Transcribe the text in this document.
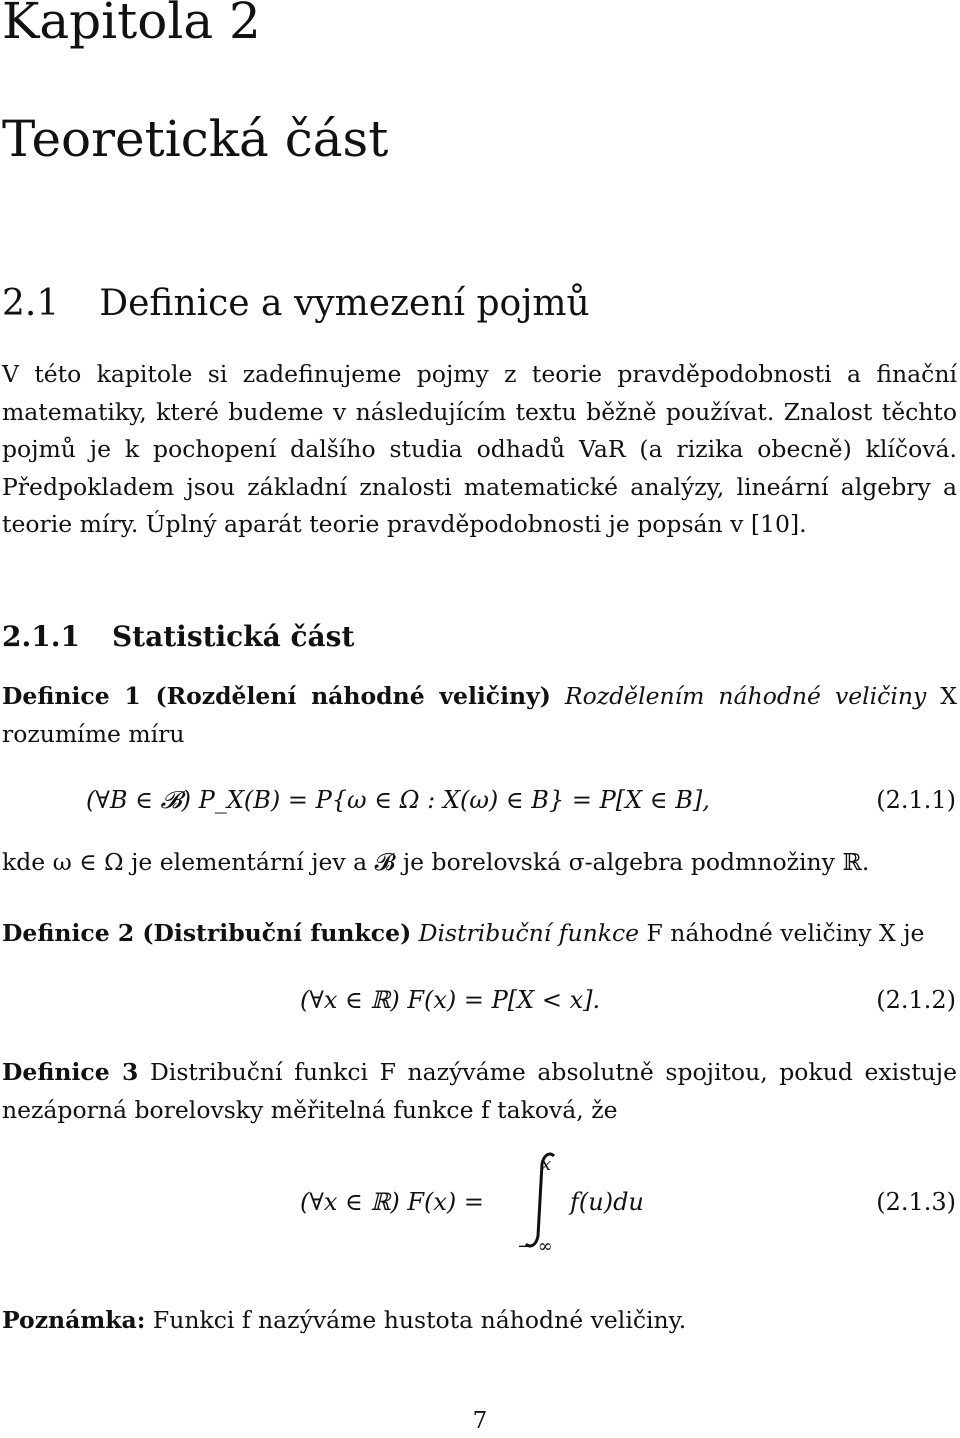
Kapitola 2
Teoretická část
2.1 Definice a vymezení pojmů
V této kapitole si zadefinujeme pojmy z teorie pravděpodobnosti a finační matematiky, které budeme v následujícím textu běžně používat. Znalost těchto pojmů je k pochopení dalšího studia odhadů VaR (a rizika obecně) klíčová. Předpokladem jsou základní znalosti matematické analýzy, lineární algebry a teorie míry. Úplný aparát teorie pravděpodobnosti je popsán v [10].
2.1.1 Statistická část
Definice 1 (Rozdělení náhodné veličiny) Rozdělením náhodné veličiny X rozumíme míru
(∀B ∈ 𝓑) P_X(B) = P{ω ∈ Ω : X(ω) ∈ B} = P[X ∈ B],	(2.1.1)
kde ω ∈ Ω je elementární jev a 𝓑 je borelovská σ-algebra podmnožiny ℝ.
Definice 2 (Distribuční funkce) Distribuční funkce F náhodné veličiny X je
(∀x ∈ ℝ) F(x) = P[X < x].	(2.1.2)
Definice 3 Distribuční funkci F nazýváme absolutně spojitou, pokud existuje nezáporná borelovsky měřitelná funkce f taková, že
(∀x ∈ ℝ) F(x) =
x
− ∞
f(u)du	(2.1.3)
Poznámka: Funkci f nazýváme hustota náhodné veličiny.
7
